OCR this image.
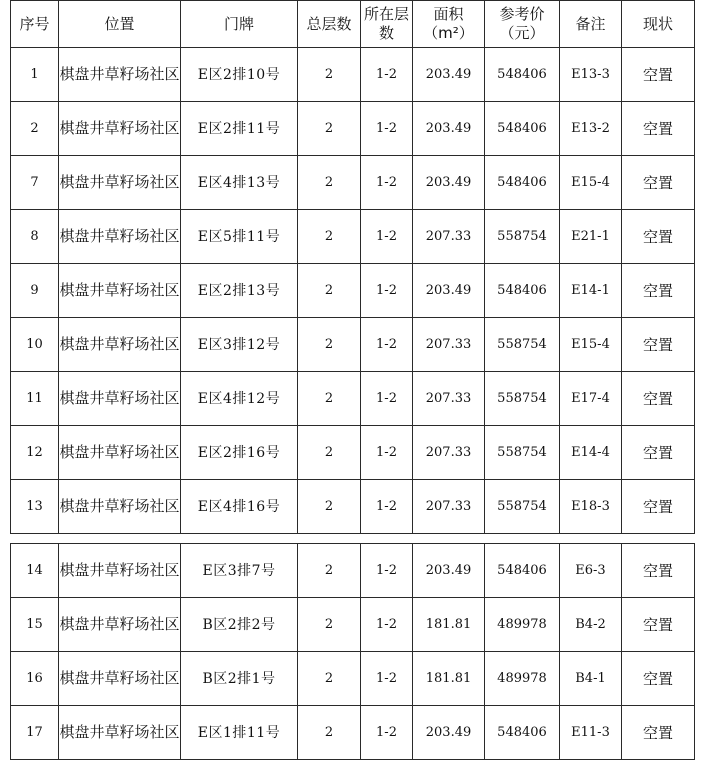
序号	位置	门牌	总层数	所在层数	面积（m²）	参考价（元）	备注	现状
1	棋盘井草籽场社区	E区2排10号	2	1-2	203.49	548406	E13-3	空置
2	棋盘井草籽场社区	E区2排11号	2	1-2	203.49	548406	E13-2	空置
7	棋盘井草籽场社区	E区4排13号	2	1-2	203.49	548406	E15-4	空置
8	棋盘井草籽场社区	E区5排11号	2	1-2	207.33	558754	E21-1	空置
9	棋盘井草籽场社区	E区2排13号	2	1-2	203.49	548406	E14-1	空置
10	棋盘井草籽场社区	E区3排12号	2	1-2	207.33	558754	E15-4	空置
11	棋盘井草籽场社区	E区4排12号	2	1-2	207.33	558754	E17-4	空置
12	棋盘井草籽场社区	E区2排16号	2	1-2	207.33	558754	E14-4	空置
13	棋盘井草籽场社区	E区4排16号	2	1-2	207.33	558754	E18-3	空置
14	棋盘井草籽场社区	E区3排7号	2	1-2	203.49	548406	E6-3	空置
15	棋盘井草籽场社区	B区2排2号	2	1-2	181.81	489978	B4-2	空置
16	棋盘井草籽场社区	B区2排1号	2	1-2	181.81	489978	B4-1	空置
17	棋盘井草籽场社区	E区1排11号	2	1-2	203.49	548406	E11-3	空置
